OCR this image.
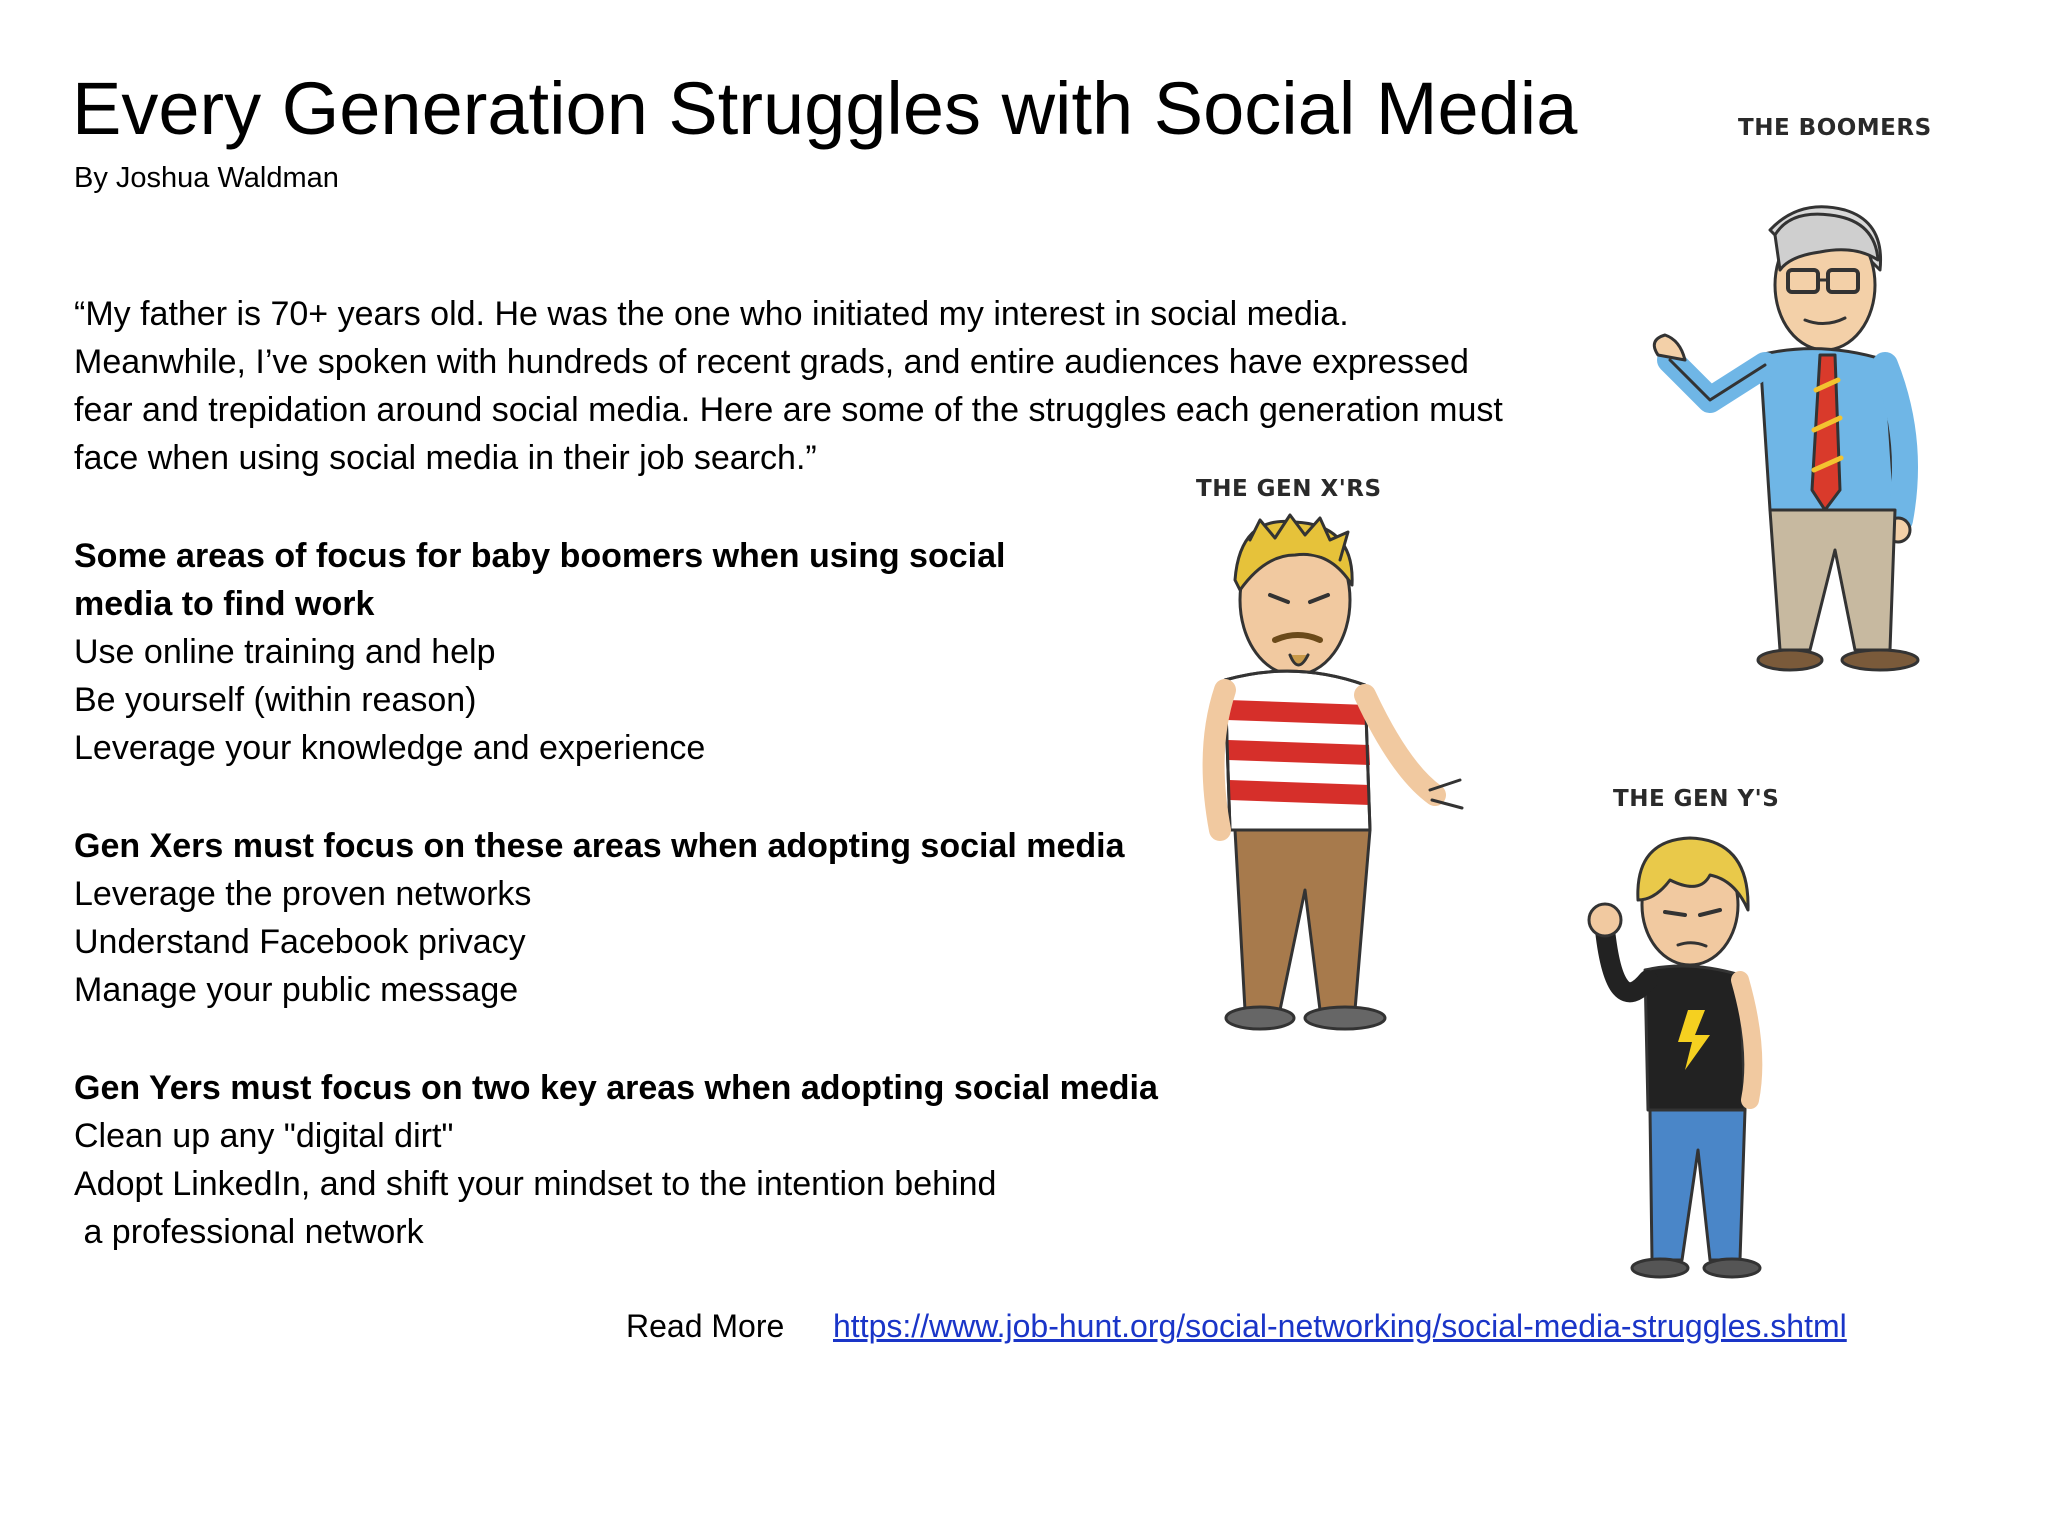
Every Generation Struggles with Social Media
By Joshua Waldman
“My father is 70+ years old. He was the one who initiated my interest in social media.
Meanwhile, I’ve spoken with hundreds of recent grads, and entire audiences have expressed
fear and trepidation around social media. Here are some of the struggles each generation must
face when using social media in their job search.”
Some areas of focus for baby boomers when using social
media to find work
Use online training and help
Be yourself (within reason)
Leverage your knowledge and experience
Gen Xers must focus on these areas when adopting social media
Leverage the proven networks
Understand Facebook privacy
Manage your public message
Gen Yers must focus on two key areas when adopting social media
Clean up any "digital dirt"
Adopt LinkedIn, and shift your mindset to the intention behind
a professional network
Read More https://www.job-hunt.org/social-networking/social-media-struggles.shtml
THE BOOMERS
THE GEN X'RS
THE GEN Y'S
